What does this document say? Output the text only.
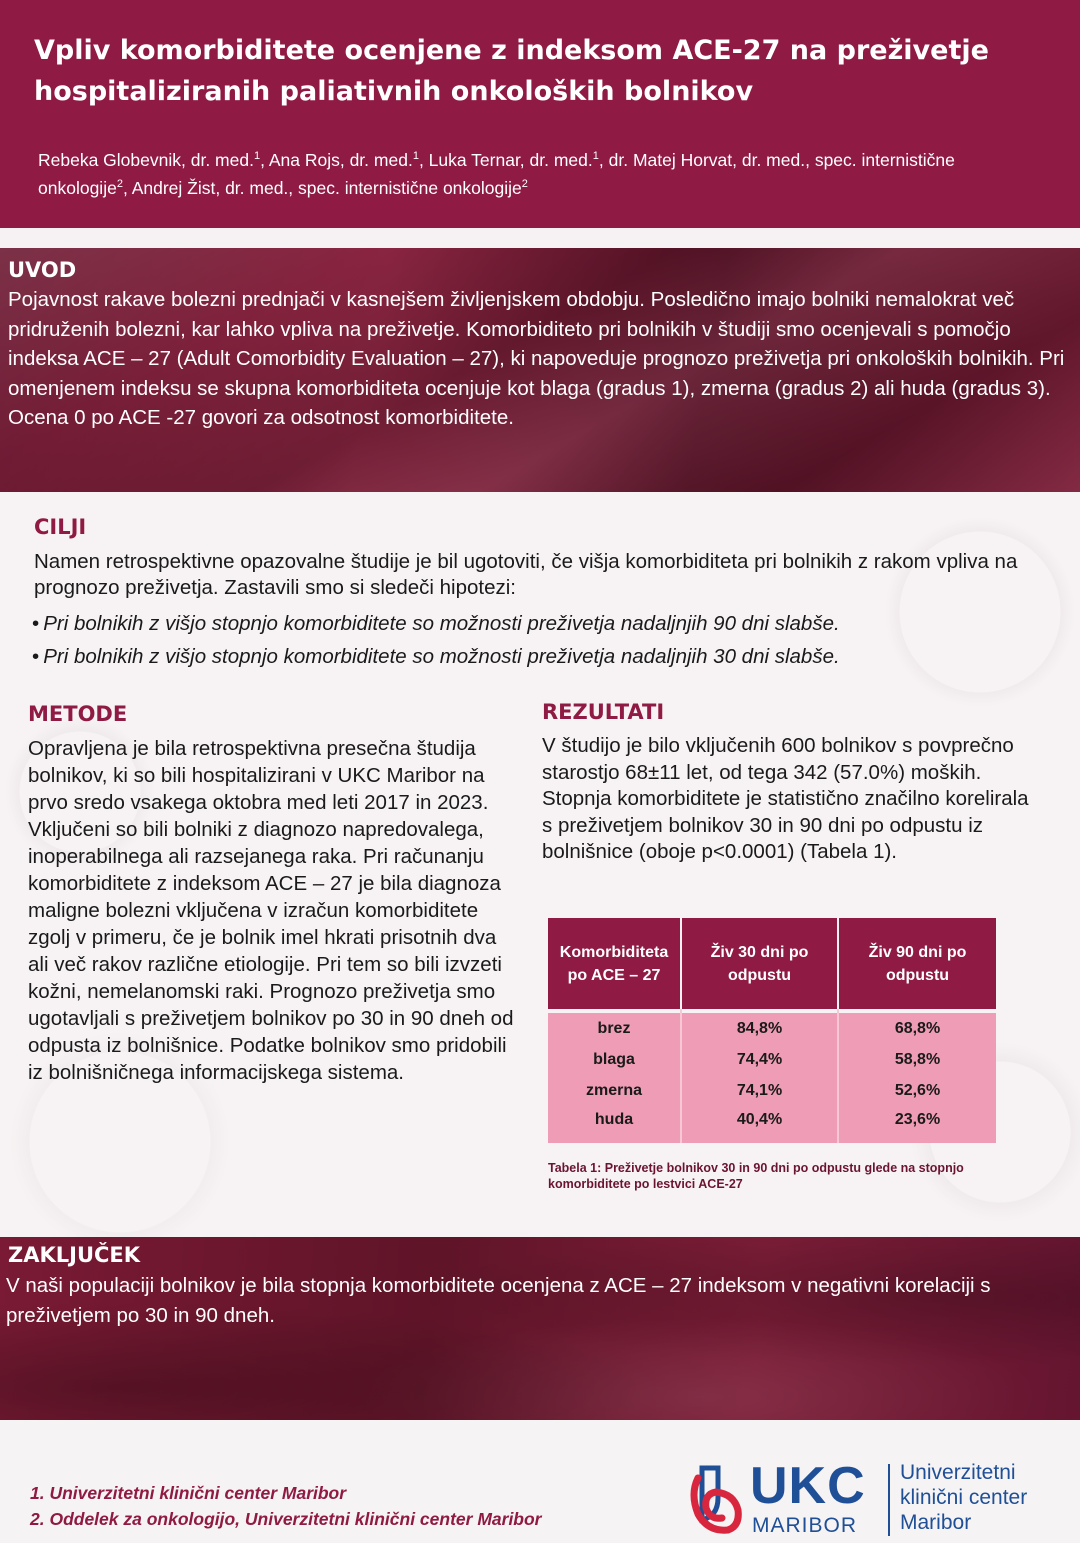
Vpliv komorbiditete ocenjene z indeksom ACE-27 na preživetje hospitaliziranih paliativnih onkoloških bolnikov
Rebeka Globevnik, dr. med.$^1$, Ana Rojs, dr. med.$^1$, Luka Ternar, dr. med.$^1$, dr. Matej Horvat, dr. med., spec. internistične onkologije$^2$, Andrej Žist, dr. med., spec. internistične onkologije$^2$
UVOD

Pojavnost rakave bolezni prednjači v kasnejšem življenjskem obdobju. Posledično imajo bolniki nemalokrat več pridruženih bolezni, kar lahko vpliva na preživetje. Komorbiditeto pri bolnikih v študiji smo ocenjevali s pomočjo indeksa ACE – 27 (Adult Comorbidity Evaluation – 27), ki napoveduje prognozo preživetja pri onkoloških bolnikih. Pri omenjenem indeksu se skupna komorbiditeta ocenjuje kot blaga (gradus 1), zmerna (gradus 2) ali huda (gradus 3). Ocena 0 po ACE -27 govori za odsotnost komorbiditete.

CILJI

Namen retrospektivne opazovalne študije je bil ugotoviti, če višja komorbiditeta pri bolnikih z rakom vpliva na prognozo preživetja. Zastavili smo si sledeči hipotezi:

• Pri bolnikih z višjo stopnjo komorbiditete so možnosti preživetja nadaljnjih 90 dni slabše.
• Pri bolnikih z višjo stopnjo komorbiditete so možnosti preživetja nadaljnjih 30 dni slabše.
METODE

Opravljena je bila retrospektivna presečna študija bolnikov, ki so bili hospitalizirani v UKC Maribor na prvo sredo vsakega oktobra med leti 2017 in 2023. Vključeni so bili bolniki z diagnozo napredovalega, inoperabilnega ali razsejanega raka. Pri računanju komorbiditete z indeksom ACE – 27 je bila diagnoza maligne bolezni vključena v izračun komorbiditete zgolj v primeru, če je bolnik imel hkrati prisotnih dva ali več rakov različne etiologije. Pri tem so bili izvzeti kožni, nemelanomski raki. Prognozo preživetja smo ugotavljali s preživetjem bolnikov po 30 in 90 dneh od odpusta iz bolnišnice. Podatke bolnikov smo pridobili iz bolnišničnega informacijskega sistema.

REZULTATI

V študijo je bilo vključenih 600 bolnikov s povprečno starostjo 68±11 let, od tega 342 (57.0%) moških. Stopnja komorbiditete je statistično značilno korelirala s preživetjem bolnikov 30 in 90 dni po odpustu iz bolnišnice (oboje p<0.0001) (Tabela 1).

Komorbiditeta po ACE – 27	Živ 30 dni po odpustu	Živ 90 dni po odpustu

brez	84,8%	68,8%
blaga	74,4%	58,8%
zmerna	74,1%	52,6%
huda	40,4%	23,6%

Tabela 1: Preživetje bolnikov 30 in 90 dni po odpustu glede na stopnjo komorbiditete po lestvici ACE-27

ZAKLJUČEK

V naši populaciji bolnikov je bila stopnja komorbiditete ocenjena z ACE – 27 indeksom v negativni korelaciji s preživetjem po 30 in 90 dneh.

1. Univerzitetni klinični center Maribor
2. Oddelek za onkologijo, Univerzitetni klinični center Maribor
UKC
MARIBOR
Univerzitetni
klinični center
Maribor
